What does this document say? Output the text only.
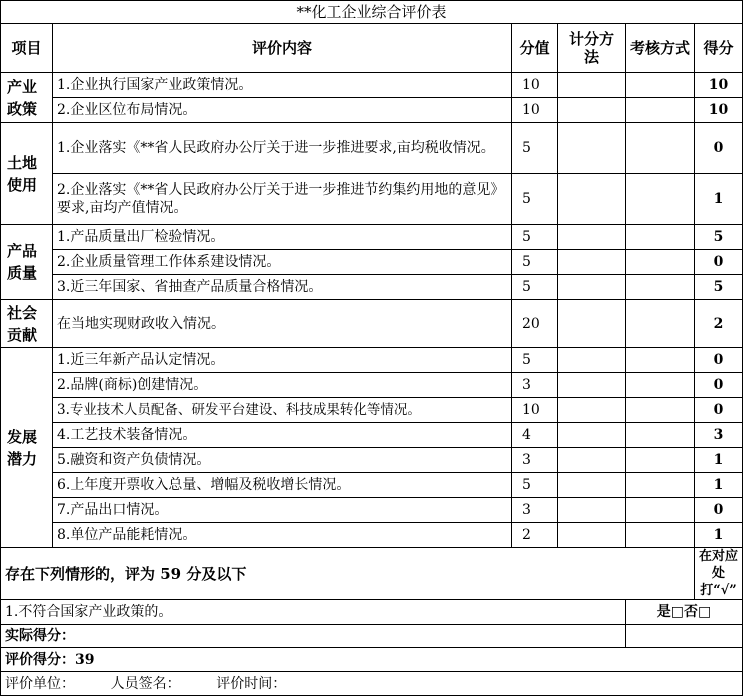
**化工企业综合评价表					
项目	评价内容	分值	计分方法	考核方式	得分
产业政策	1.企业执行国家产业政策情况。	10			10
	2.企业区位布局情况。	10			10
土地使用	1.企业落实《**省人民政府办公厅关于进一步推进要求,亩均税收情况。	5			0
	2.企业落实《**省人民政府办公厅关于进一步推进节约集约用地的意见》要求,亩均产值情况。	5			1
产品质量	1.产品质量出厂检验情况。	5			5
	2.企业质量管理工作体系建设情况。	5			0
	3.近三年国家、省抽查产品质量合格情况。	5			5
社会贡献	在当地实现财政收入情况。	20			2
发展潜力	1.近三年新产品认定情况。	5			0
	2.品牌(商标)创建情况。	3			0
	3.专业技术人员配备、研发平台建设、科技成果转化等情况。	10			0
	4.工艺技术装备情况。	4			3
	5.融资和资产负债情况。	3			1
	6.上年度开票收入总量、增幅及税收增长情况。	5			1
	7.产品出口情况。	3			0
	8.单位产品能耗情况。	2			1
存在下列情形的，评为 59 分及以下					在对应处打“√”
1.不符合国家产业政策的。				是□否□	
实际得分：					
评价得分：39					
评价单位：        人员签名：        评价时间：					
